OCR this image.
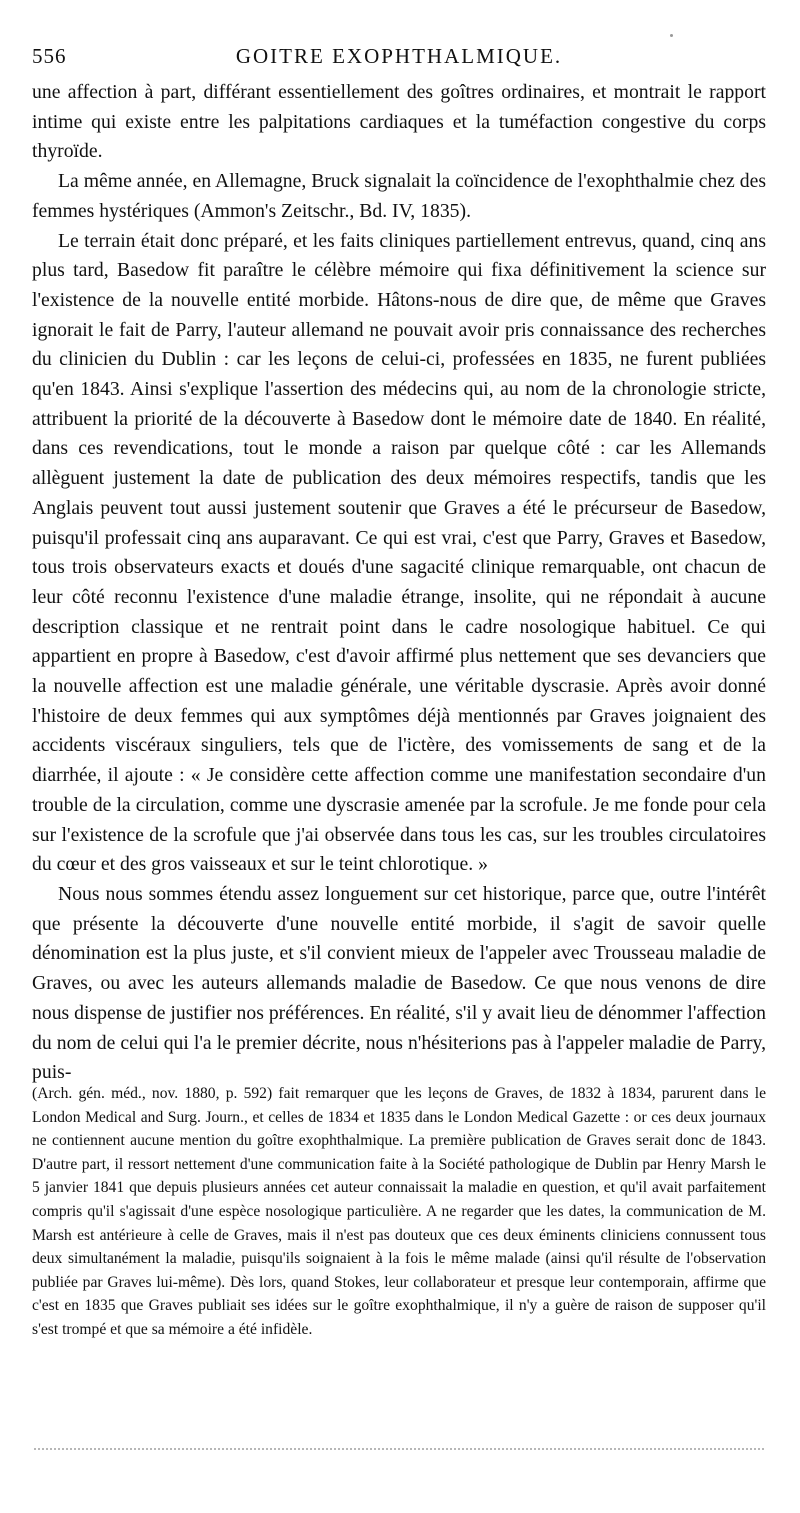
556	GOITRE EXOPHTHALMIQUE.

une affection à part, différant essentiellement des goîtres ordinaires, et montrait le rapport intime qui existe entre les palpitations cardiaques et la tuméfaction congestive du corps thyroïde.

La même année, en Allemagne, Bruck signalait la coïncidence de l'exophthalmie chez des femmes hystériques (Ammon's Zeitschr., Bd. IV, 1835).

Le terrain était donc préparé, et les faits cliniques partiellement entrevus, quand, cinq ans plus tard, Basedow fit paraître le célèbre mémoire qui fixa définitivement la science sur l'existence de la nouvelle entité morbide. Hâtons-nous de dire que, de même que Graves ignorait le fait de Parry, l'auteur allemand ne pouvait avoir pris connaissance des recherches du clinicien du Dublin : car les leçons de celui-ci, professées en 1835, ne furent publiées qu'en 1843. Ainsi s'explique l'assertion des médecins qui, au nom de la chronologie stricte, attribuent la priorité de la découverte à Basedow dont le mémoire date de 1840. En réalité, dans ces revendications, tout le monde a raison par quelque côté : car les Allemands allèguent justement la date de publication des deux mémoires respectifs, tandis que les Anglais peuvent tout aussi justement soutenir que Graves a été le précurseur de Basedow, puisqu'il professait cinq ans auparavant. Ce qui est vrai, c'est que Parry, Graves et Basedow, tous trois observateurs exacts et doués d'une sagacité clinique remarquable, ont chacun de leur côté reconnu l'existence d'une maladie étrange, insolite, qui ne répondait à aucune description classique et ne rentrait point dans le cadre nosologique habituel. Ce qui appartient en propre à Basedow, c'est d'avoir affirmé plus nettement que ses devanciers que la nouvelle affection est une maladie générale, une véritable dyscrasie. Après avoir donné l'histoire de deux femmes qui aux symptômes déjà mentionnés par Graves joignaient des accidents viscéraux singuliers, tels que de l'ictère, des vomissements de sang et de la diarrhée, il ajoute : « Je considère cette affection comme une manifestation secondaire d'un trouble de la circulation, comme une dyscrasie amenée par la scrofule. Je me fonde pour cela sur l'existence de la scrofule que j'ai observée dans tous les cas, sur les troubles circulatoires du cœur et des gros vaisseaux et sur le teint chlorotique. »

Nous nous sommes étendu assez longuement sur cet historique, parce que, outre l'intérêt que présente la découverte d'une nouvelle entité morbide, il s'agit de savoir quelle dénomination est la plus juste, et s'il convient mieux de l'appeler avec Trousseau maladie de Graves, ou avec les auteurs allemands maladie de Basedow. Ce que nous venons de dire nous dispense de justifier nos préférences. En réalité, s'il y avait lieu de dénommer l'affection du nom de celui qui l'a le premier décrite, nous n'hésiterions pas à l'appeler maladie de Parry, puis-

(Arch. gén. méd., nov. 1880, p. 592) fait remarquer que les leçons de Graves, de 1832 à 1834, parurent dans le London Medical and Surg. Journ., et celles de 1834 et 1835 dans le London Medical Gazette : or ces deux journaux ne contiennent aucune mention du goître exophthalmique. La première publication de Graves serait donc de 1843. D'autre part, il ressort nettement d'une communication faite à la Société pathologique de Dublin par Henry Marsh le 5 janvier 1841 que depuis plusieurs années cet auteur connaissait la maladie en question, et qu'il avait parfaitement compris qu'il s'agissait d'une espèce nosologique particulière. A ne regarder que les dates, la communication de M. Marsh est antérieure à celle de Graves, mais il n'est pas douteux que ces deux éminents cliniciens connussent tous deux simultanément la maladie, puisqu'ils soignaient à la fois le même malade (ainsi qu'il résulte de l'observation publiée par Graves lui-même). Dès lors, quand Stokes, leur collaborateur et presque leur contemporain, affirme que c'est en 1835 que Graves publiait ses idées sur le goître exophthalmique, il n'y a guère de raison de supposer qu'il s'est trompé et que sa mémoire a été infidèle.
